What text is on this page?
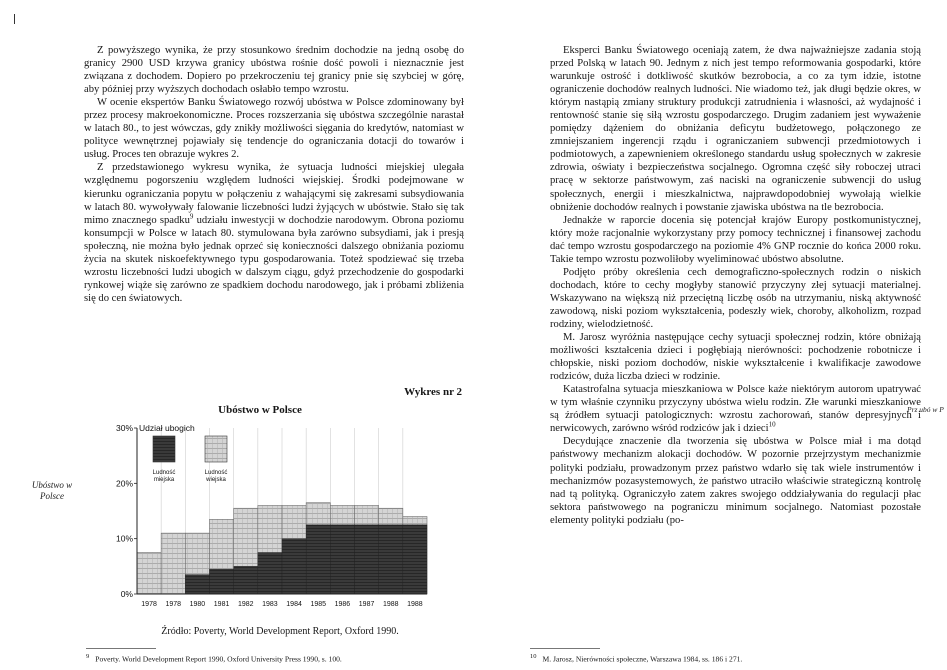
Z powyższego wynika, że przy stosunkowo średnim dochodzie na jedną osobę do granicy 2900 USD krzywa granicy ubóstwa rośnie dość powoli i nieznacznie jest związana z dochodem. Dopiero po przekroczeniu tej granicy pnie się szybciej w górę, aby później przy wyższych dochodach osłabło tempo wzrostu.

W ocenie ekspertów Banku Światowego rozwój ubóstwa w Polsce zdominowany był przez procesy makroekonomiczne. Proces rozszerzania się ubóstwa szczególnie narastał w latach 80., to jest wówczas, gdy znikły możliwości sięgania do kredytów, natomiast w polityce wewnętrznej pojawiały się tendencje do ograniczania dotacji do towarów i usług. Proces ten obrazuje wykres 2.

Z przedstawionego wykresu wynika, że sytuacja ludności miejskiej ulegała względnemu pogorszeniu względem ludności wiejskiej. Środki podejmowane w kierunku ograniczania popytu w połączeniu z wahającymi się zakresami subsydiowania w latach 80. wywoływały falowanie liczebności ludzi żyjących w ubóstwie. Stało się tak mimo znacznego spadku$^9$ udziału inwestycji w dochodzie narodowym. Obrona poziomu konsumpcji w Polsce w latach 80. stymulowana była zarówno subsydiami, jak i presją społeczną, nie można było jednak oprzeć się konieczności dalszego obniżania poziomu życia na skutek niskoefektywnego typu gospodarowania. Toteż spodziewać się trzeba wzrostu liczebności ludzi ubogich w dalszym ciągu, gdyż przechodzenie do gospodarki rynkowej wiąże się zarówno ze spadkiem dochodu narodowego, jak i próbami zbliżenia się do cen światowych.

Wykres nr 2
Ubóstwo w Polsce
Ubóstwo w Polsce
0%
10%
20%
30% Udział ubogich
1978 1978 1980 1981 1982 1983 1984 1985 1986 1987 1988 1988
Ludność miejska
Ludność wiejska
Źródło: Poverty, World Development Report, Oxford 1990.
9 Poverty. World Development Report 1990, Oxford University Press 1990, s. 100.

Eksperci Banku Światowego oceniają zatem, że dwa najważniejsze zadania stoją przed Polską w latach 90. Jednym z nich jest tempo reformowania gospodarki, które warunkuje ostrość i dotkliwość skutków bezrobocia, a co za tym idzie, istotne ograniczenie dochodów realnych ludności. Nie wiadomo też, jak długi będzie okres, w którym nastąpią zmiany struktury produkcji zatrudnienia i własności, aż wydajność i rentowność stanie się siłą wzrostu gospodarczego. Drugim zadaniem jest wyważenie pomiędzy dążeniem do obniżania deficytu budżetowego, połączonego ze zmniejszaniem ingerencji rządu i ograniczaniem subwencji przedmiotowych i podmiotowych, a zapewnieniem określonego standardu usług społecznych w zakresie zdrowia, oświaty i bezpieczeństwa socjalnego. Ogromna część siły roboczej utraci pracę w sektorze państwowym, zaś naciski na ograniczenie subwencji do usług społecznych, energii i mieszkalnictwa, najprawdopodobniej wywołają wielkie obniżenie dochodów realnych i powstanie zjawiska ubóstwa na tle bezrobocia.

Jednakże w raporcie docenia się potencjał krajów Europy postkomunistycznej, który może racjonalnie wykorzystany przy pomocy technicznej i finansowej zachodu dać tempo wzrostu gospodarczego na poziomie 4% GNP rocznie do końca 2000 roku. Takie tempo wzrostu pozwoliłoby wyeliminować ubóstwo absolutne.

Podjęto próby określenia cech demograficzno-społecznych rodzin o niskich dochodach, które to cechy mogłyby stanowić przyczyny złej sytuacji materialnej. Wskazywano na większą niż przeciętną liczbę osób na utrzymaniu, niską aktywność zawodową, niski poziom wykształcenia, podeszły wiek, choroby, alkoholizm, rozpad rodziny, wielodzietność.

M. Jarosz wyróżnia następujące cechy sytuacji społecznej rodzin, które obniżają możliwości kształcenia dzieci i pogłębiają nierówności: pochodzenie robotnicze i chłopskie, niski poziom dochodów, niskie wykształcenie i kwalifikacje zawodowe rodziców, duża liczba dzieci w rodzinie.

Katastrofalna sytuacja mieszkaniowa w Polsce każe niektórym autorom upatrywać w tym właśnie czynniku przyczyny ubóstwa wielu rodzin. Złe warunki mieszkaniowe są źródłem sytuacji patologicznych: wzrostu zachorowań, stanów depresyjnych i nerwicowych, zarówno wśród rodziców jak i dzieci$^{10}$

Decydujące znaczenie dla tworzenia się ubóstwa w Polsce miał i ma dotąd państwowy mechanizm alokacji dochodów. W pozornie przejrzystym mechanizmie polityki podziału, prowadzonym przez państwo wdarło się tak wiele instrumentów i mechanizmów pozasystemowych, że państwo utraciło właściwie strategiczną kontrolę nad tą polityką. Ograniczyło zatem zakres swojego oddziaływania do regulacji płac sektora państwowego na pograniczu minimum socjalnego. Natomiast pozostałe elementy polityki podziału (po-

Prz ubó w P
10 M. Jarosz, Nierówności społeczne, Warszawa 1984, ss. 186 i 271.
